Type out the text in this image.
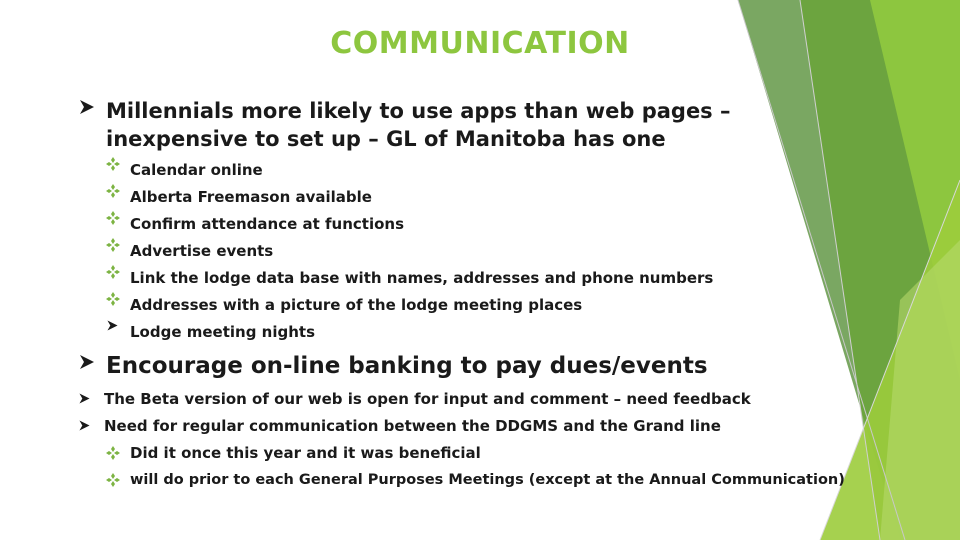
COMMUNICATION
Millennials more likely to use apps than web pages –
inexpensive to set up – GL of Manitoba has one
Calendar online
Alberta Freemason available
Confirm attendance at functions
Advertise events
Link the lodge data base with names, addresses and phone numbers
Addresses with a picture of the lodge meeting places
Lodge meeting nights
Encourage on-line banking to pay dues/events
The Beta version of our web is open for input and comment – need feedback
Need for regular communication between the DDGMS and the Grand line
Did it once this year and it was beneficial
will do prior to each General Purposes Meetings (except at the Annual Communication)
